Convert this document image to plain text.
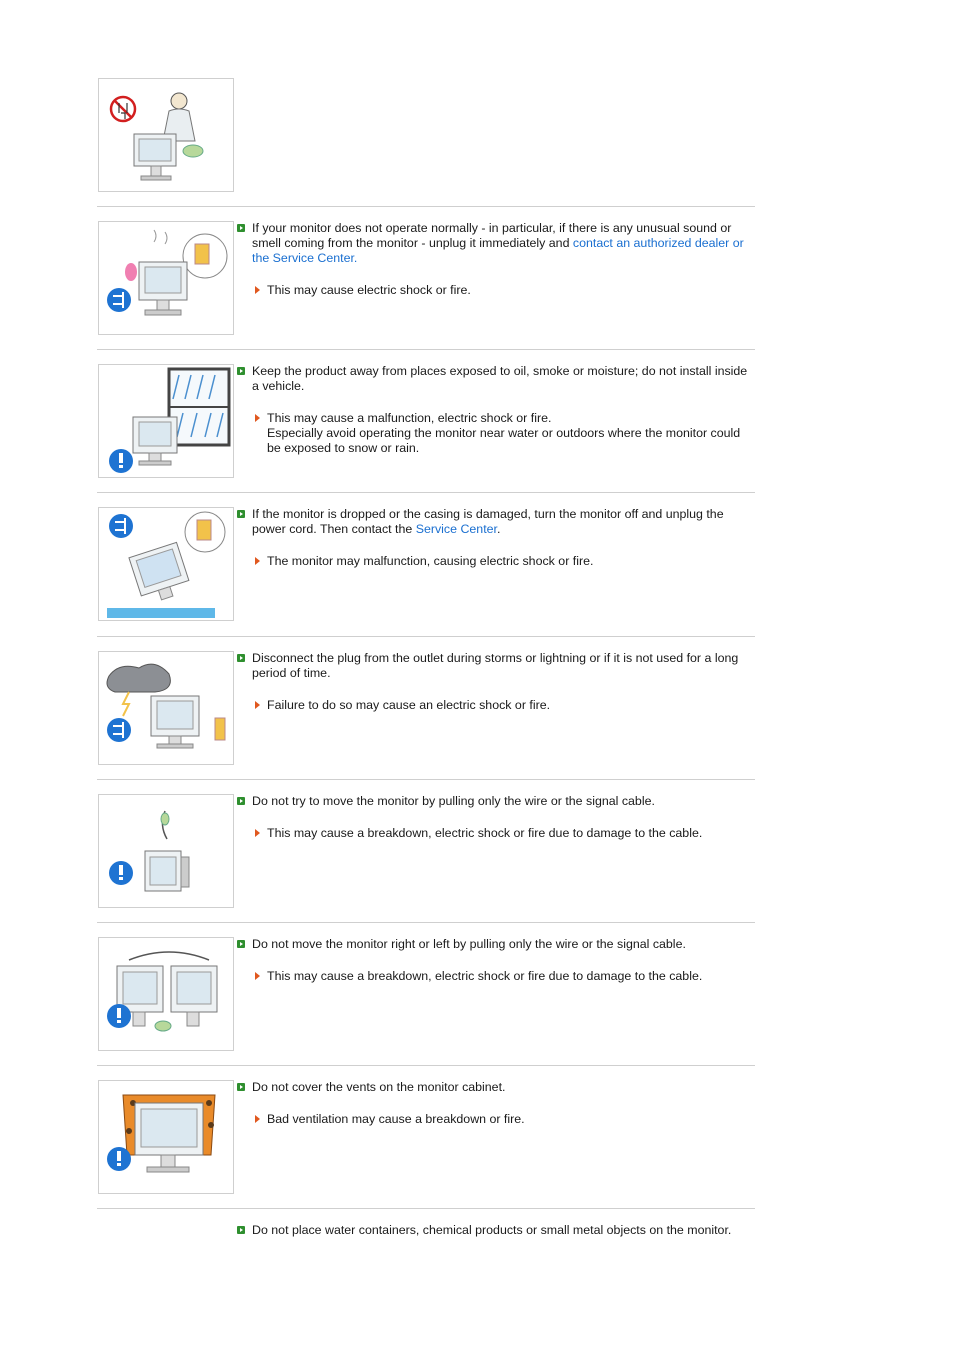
If your monitor does not operate normally - in particular, if there is any unusual sound or smell coming from the monitor - unplug it immediately and contact an authorized dealer or the Service Center.
This may cause electric shock or fire.
Keep the product away from places exposed to oil, smoke or moisture; do not install inside a vehicle.
This may cause a malfunction, electric shock or fire.
Especially avoid operating the monitor near water or outdoors where the monitor could be exposed to snow or rain.
If the monitor is dropped or the casing is damaged, turn the monitor off and unplug the power cord. Then contact the Service Center.
The monitor may malfunction, causing electric shock or fire.
Disconnect the plug from the outlet during storms or lightning or if it is not used for a long period of time.
Failure to do so may cause an electric shock or fire.
Do not try to move the monitor by pulling only the wire or the signal cable.
This may cause a breakdown, electric shock or fire due to damage to the cable.
Do not move the monitor right or left by pulling only the wire or the signal cable.
This may cause a breakdown, electric shock or fire due to damage to the cable.
Do not cover the vents on the monitor cabinet.
Bad ventilation may cause a breakdown or fire.
Do not place water containers, chemical products or small metal objects on the monitor.
